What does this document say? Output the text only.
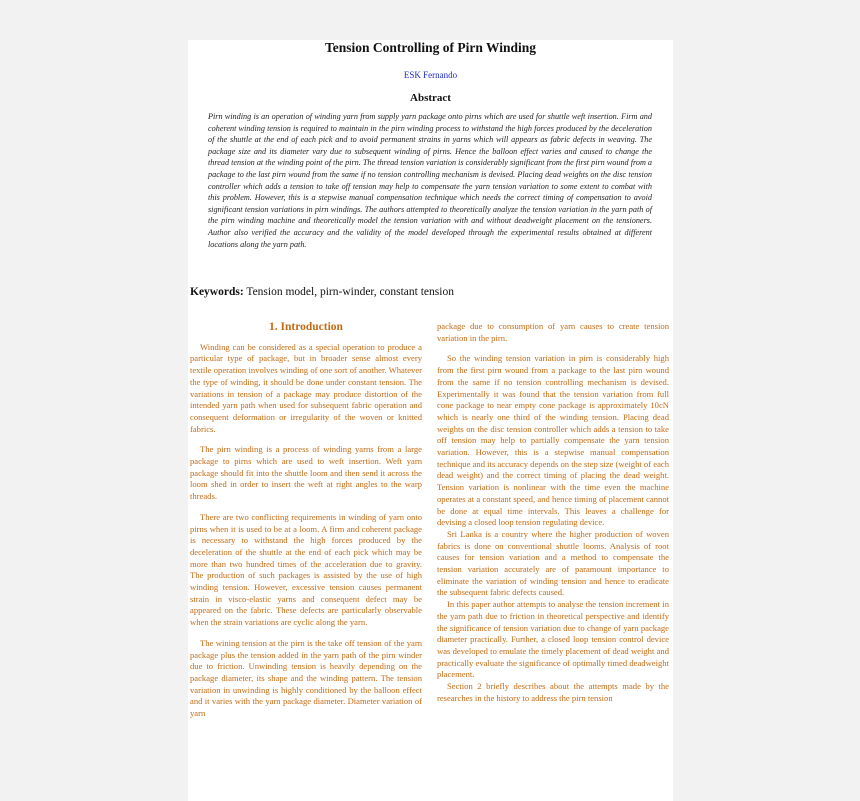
Tension Controlling of Pirn Winding
ESK Fernando
Abstract
Pirn winding is an operation of winding yarn from supply yarn package onto pirns which are used for shuttle weft insertion. Firm and coherent winding tension is required to maintain in the pirn winding process to withstand the high forces produced by the deceleration of the shuttle at the end of each pick and to avoid permanent strains in yarns which will appears as fabric defects in weaving. The package size and its diameter vary due to subsequent winding of pirns. Hence the balloon effect varies and caused to change the thread tension at the winding point of the pirn. The thread tension variation is considerably significant from the first pirn wound from a package to the last pirn wound from the same if no tension controlling mechanism is devised. Placing dead weights on the disc tension controller which adds a tension to take off tension may help to compensate the yarn tension variation to some extent to combat with this problem. However, this is a stepwise manual compensation technique which needs the correct timing of compensation to avoid significant tension variations in pirn windings. The authors attempted to theoretically analyze the tension variation in the yarn path of the pirn winding machine and theoretically model the tension variation with and without deadweight placement on the tensioners. Author also verified the accuracy and the validity of the model developed through the experimental results obtained at different locations along the yarn path.
Keywords: Tension model, pirn-winder, constant tension
1. Introduction

Winding can be considered as a special operation to produce a particular type of package, but in broader sense almost every textile operation involves winding of one sort of another. Whatever the type of winding, it should be done under constant tension. The variations in tension of a package may produce distortion of the intended yarn path when used for subsequent fabric operation and consequent deformation or irregularity of the woven or knitted fabrics.

The pirn winding is a process of winding yarns from a large package to pirns which are used to weft insertion. Weft yarn package should fit into the shuttle loom and then send it across the loom shed in order to insert the weft at right angles to the warp threads.

There are two conflicting requirements in winding of yarn onto pirns when it is used to be at a loom. A firm and coherent package is necessary to withstand the high forces produced by the deceleration of the shuttle at the end of each pick which may be more than two hundred times of the acceleration due to gravity. The production of such packages is assisted by the use of high winding tension. However, excessive tension causes permanent strain in visco-elastic yarns and consequent defect may be appeared on the fabric. These defects are particularly observable when the strain variations are cyclic along the yarn.

The wining tension at the pirn is the take off tension of the yarn package plus the tension added in the yarn path of the pirn winder due to friction. Unwinding tension is heavily depending on the package diameter, its shape and the winding pattern. The tension variation in unwinding is highly conditioned by the balloon effect and it varies with the yarn package diameter. Diameter variation of yarn

package due to consumption of yarn causes to create tension variation in the pirn.

So the winding tension variation in pirn is considerably high from the first pirn wound from a package to the last pirn wound from the same if no tension controlling mechanism is devised. Experimentally it was found that the tension variation from full cone package to near empty cone package is approximately 10cN which is nearly one third of the winding tension. Placing dead weights on the disc tension controller which adds a tension to take off tension may help to partially compensate the yarn tension variation. However, this is a stepwise manual compensation technique and its accuracy depends on the step size (weight of each dead weight) and the correct timing of placing the dead weight. Tension variation is nonlinear with the time even the machine operates at a constant speed, and hence timing of placement cannot be done at equal time intervals. This leaves a challenge for devising a closed loop tension regulating device.

Sri Lanka is a country where the higher production of woven fabrics is done on conventional shuttle looms. Analysis of root causes for tension variation and a method to compensate the tension variation accurately are of paramount importance to eliminate the variation of winding tension and hence to eradicate the subsequent fabric defects caused.

In this paper author attempts to analyse the tension increment in the yarn path due to friction in theoretical perspective and identify the significance of tension variation due to change of yarn package diameter practically. Further, a closed loop tension control device was developed to emulate the timely placement of dead weight and practically evaluate the significance of optimally timed deadweight placement.

Section 2 briefly describes about the attempts made by the researches in the history to address the pirn tension
